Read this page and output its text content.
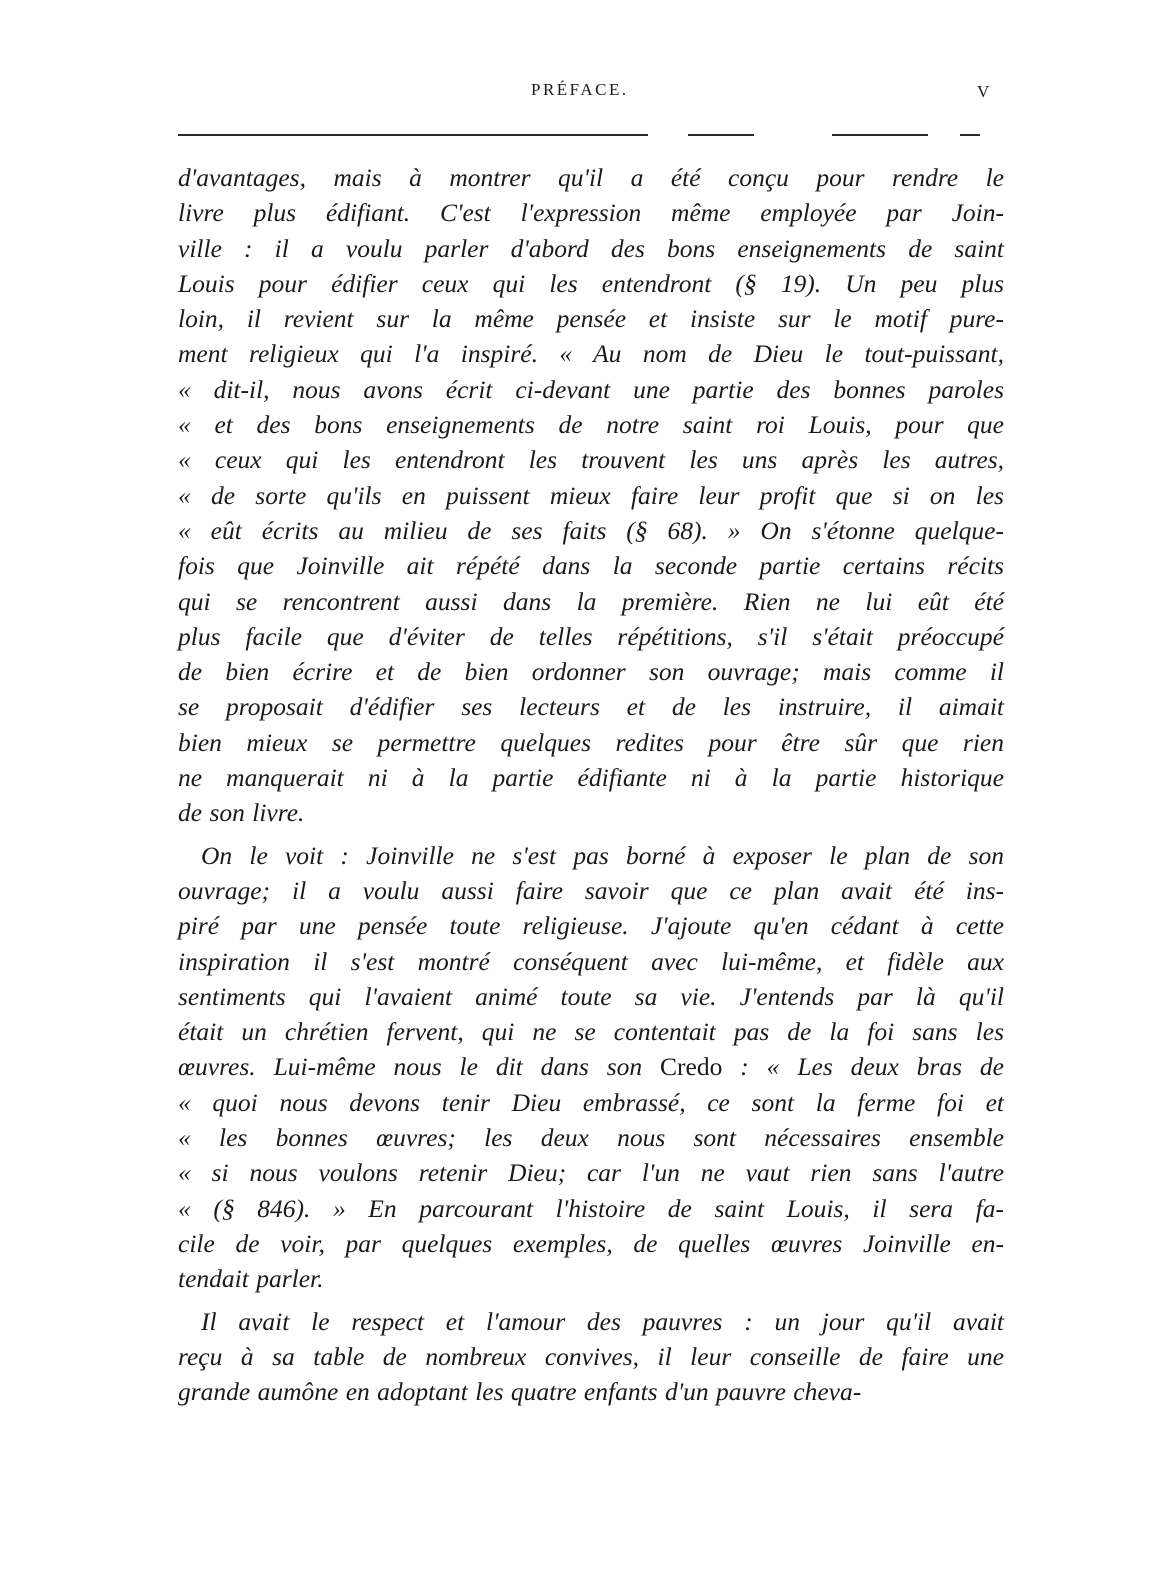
PRÉFACE.	V
d'avantages, mais à montrer qu'il a été conçu pour rendre le
livre plus édifiant. C'est l'expression même employée par Join-
ville : il a voulu parler d'abord des bons enseignements de saint
Louis pour édifier ceux qui les entendront (§ 19). Un peu plus
loin, il revient sur la même pensée et insiste sur le motif pure-
ment religieux qui l'a inspiré. « Au nom de Dieu le tout-puissant,
« dit-il, nous avons écrit ci-devant une partie des bonnes paroles
« et des bons enseignements de notre saint roi Louis, pour que
« ceux qui les entendront les trouvent les uns après les autres,
« de sorte qu'ils en puissent mieux faire leur profit que si on les
« eût écrits au milieu de ses faits (§ 68). » On s'étonne quelque-
fois que Joinville ait répété dans la seconde partie certains récits
qui se rencontrent aussi dans la première. Rien ne lui eût été
plus facile que d'éviter de telles répétitions, s'il s'était préoccupé
de bien écrire et de bien ordonner son ouvrage; mais comme il
se proposait d'édifier ses lecteurs et de les instruire, il aimait
bien mieux se permettre quelques redites pour être sûr que rien
ne manquerait ni à la partie édifiante ni à la partie historique
de son livre.
On le voit : Joinville ne s'est pas borné à exposer le plan de son
ouvrage; il a voulu aussi faire savoir que ce plan avait été ins-
piré par une pensée toute religieuse. J'ajoute qu'en cédant à cette
inspiration il s'est montré conséquent avec lui-même, et fidèle aux
sentiments qui l'avaient animé toute sa vie. J'entends par là qu'il
était un chrétien fervent, qui ne se contentait pas de la foi sans les
œuvres. Lui-même nous le dit dans son Credo : « Les deux bras de
« quoi nous devons tenir Dieu embrassé, ce sont la ferme foi et
« les bonnes œuvres; les deux nous sont nécessaires ensemble
« si nous voulons retenir Dieu; car l'un ne vaut rien sans l'autre
« (§ 846). » En parcourant l'histoire de saint Louis, il sera fa-
cile de voir, par quelques exemples, de quelles œuvres Joinville en-
tendait parler.
Il avait le respect et l'amour des pauvres : un jour qu'il avait
reçu à sa table de nombreux convives, il leur conseille de faire une
grande aumône en adoptant les quatre enfants d'un pauvre cheva-
